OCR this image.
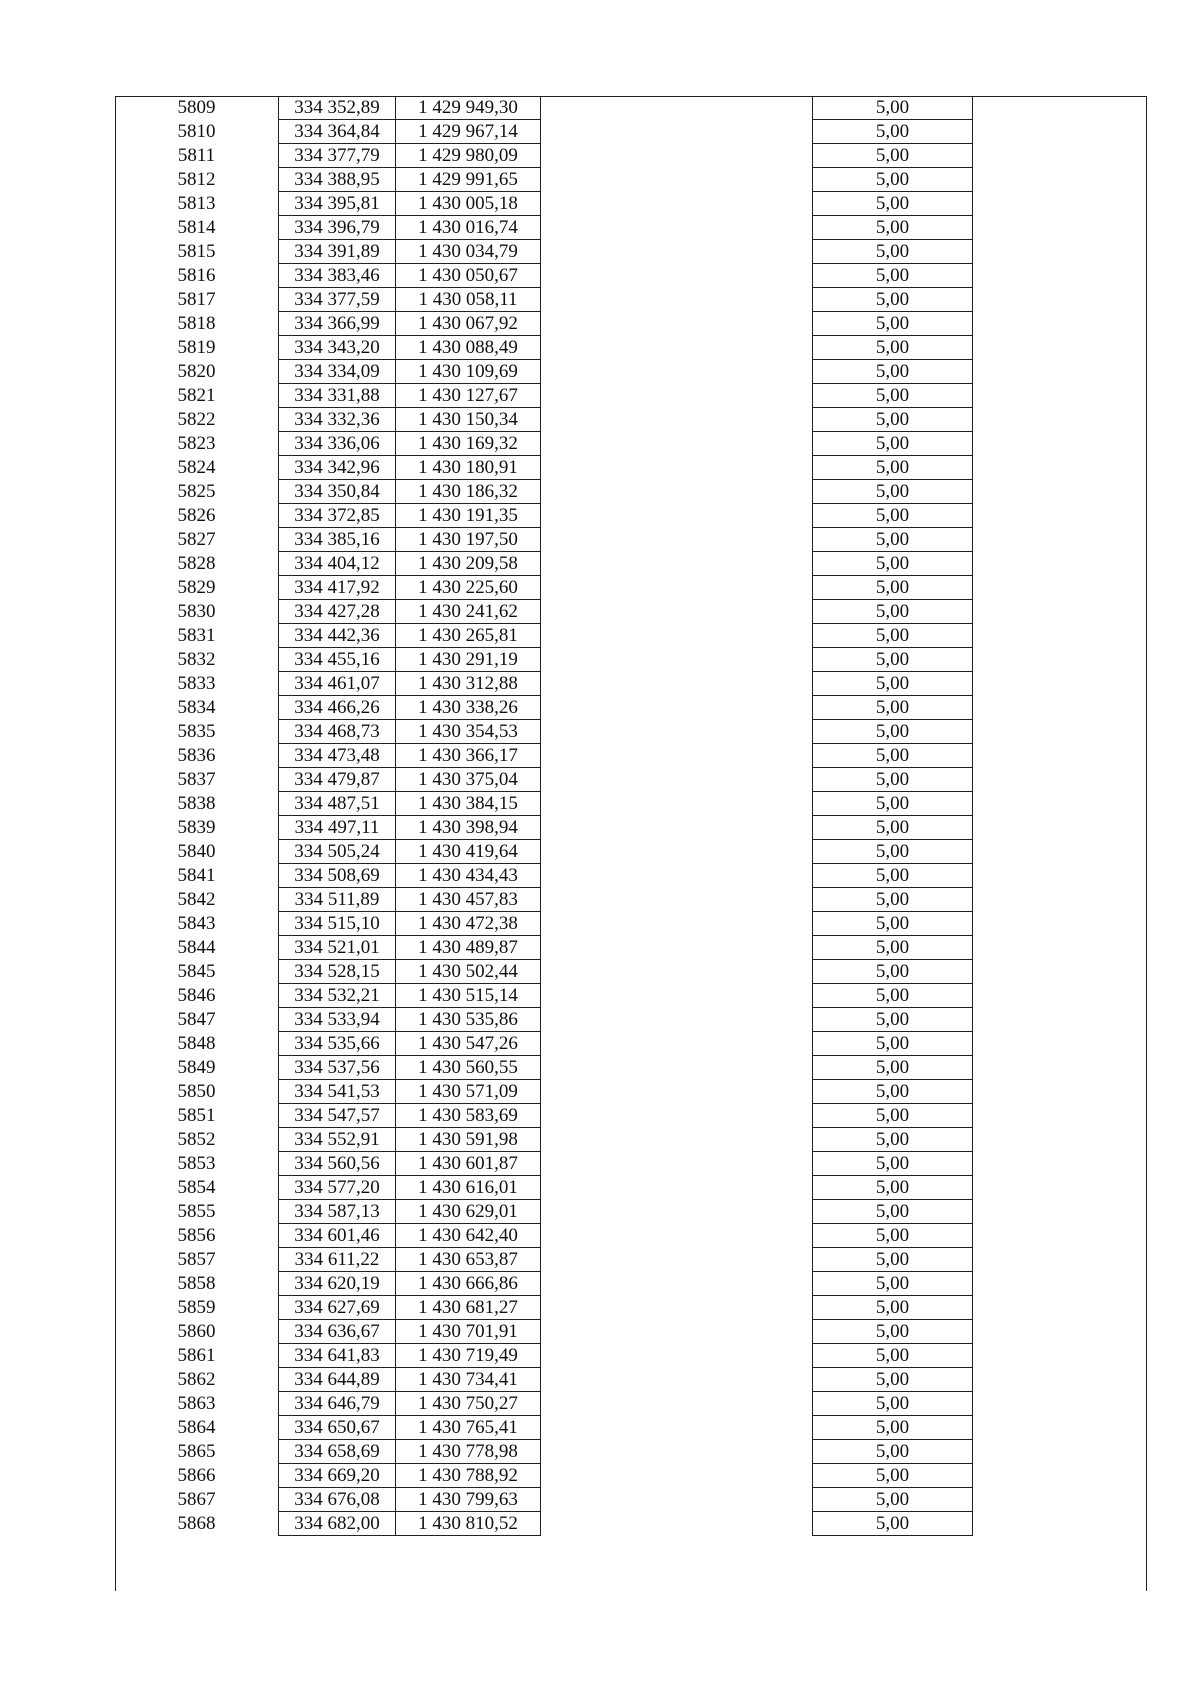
5809	334 352,89	1 429 949,30		5,00	
5810	334 364,84	1 429 967,14		5,00	
5811	334 377,79	1 429 980,09		5,00	
5812	334 388,95	1 429 991,65		5,00	
5813	334 395,81	1 430 005,18		5,00	
5814	334 396,79	1 430 016,74		5,00	
5815	334 391,89	1 430 034,79		5,00	
5816	334 383,46	1 430 050,67		5,00	
5817	334 377,59	1 430 058,11		5,00	
5818	334 366,99	1 430 067,92		5,00	
5819	334 343,20	1 430 088,49		5,00	
5820	334 334,09	1 430 109,69		5,00	
5821	334 331,88	1 430 127,67		5,00	
5822	334 332,36	1 430 150,34		5,00	
5823	334 336,06	1 430 169,32		5,00	
5824	334 342,96	1 430 180,91		5,00	
5825	334 350,84	1 430 186,32		5,00	
5826	334 372,85	1 430 191,35		5,00	
5827	334 385,16	1 430 197,50		5,00	
5828	334 404,12	1 430 209,58		5,00	
5829	334 417,92	1 430 225,60		5,00	
5830	334 427,28	1 430 241,62		5,00	
5831	334 442,36	1 430 265,81		5,00	
5832	334 455,16	1 430 291,19		5,00	
5833	334 461,07	1 430 312,88		5,00	
5834	334 466,26	1 430 338,26		5,00	
5835	334 468,73	1 430 354,53		5,00	
5836	334 473,48	1 430 366,17		5,00	
5837	334 479,87	1 430 375,04		5,00	
5838	334 487,51	1 430 384,15		5,00	
5839	334 497,11	1 430 398,94		5,00	
5840	334 505,24	1 430 419,64		5,00	
5841	334 508,69	1 430 434,43		5,00	
5842	334 511,89	1 430 457,83		5,00	
5843	334 515,10	1 430 472,38		5,00	
5844	334 521,01	1 430 489,87		5,00	
5845	334 528,15	1 430 502,44		5,00	
5846	334 532,21	1 430 515,14		5,00	
5847	334 533,94	1 430 535,86		5,00	
5848	334 535,66	1 430 547,26		5,00	
5849	334 537,56	1 430 560,55		5,00	
5850	334 541,53	1 430 571,09		5,00	
5851	334 547,57	1 430 583,69		5,00	
5852	334 552,91	1 430 591,98		5,00	
5853	334 560,56	1 430 601,87		5,00	
5854	334 577,20	1 430 616,01		5,00	
5855	334 587,13	1 430 629,01		5,00	
5856	334 601,46	1 430 642,40		5,00	
5857	334 611,22	1 430 653,87		5,00	
5858	334 620,19	1 430 666,86		5,00	
5859	334 627,69	1 430 681,27		5,00	
5860	334 636,67	1 430 701,91		5,00	
5861	334 641,83	1 430 719,49		5,00	
5862	334 644,89	1 430 734,41		5,00	
5863	334 646,79	1 430 750,27		5,00	
5864	334 650,67	1 430 765,41		5,00	
5865	334 658,69	1 430 778,98		5,00	
5866	334 669,20	1 430 788,92		5,00	
5867	334 676,08	1 430 799,63		5,00	
5868	334 682,00	1 430 810,52		5,00	
